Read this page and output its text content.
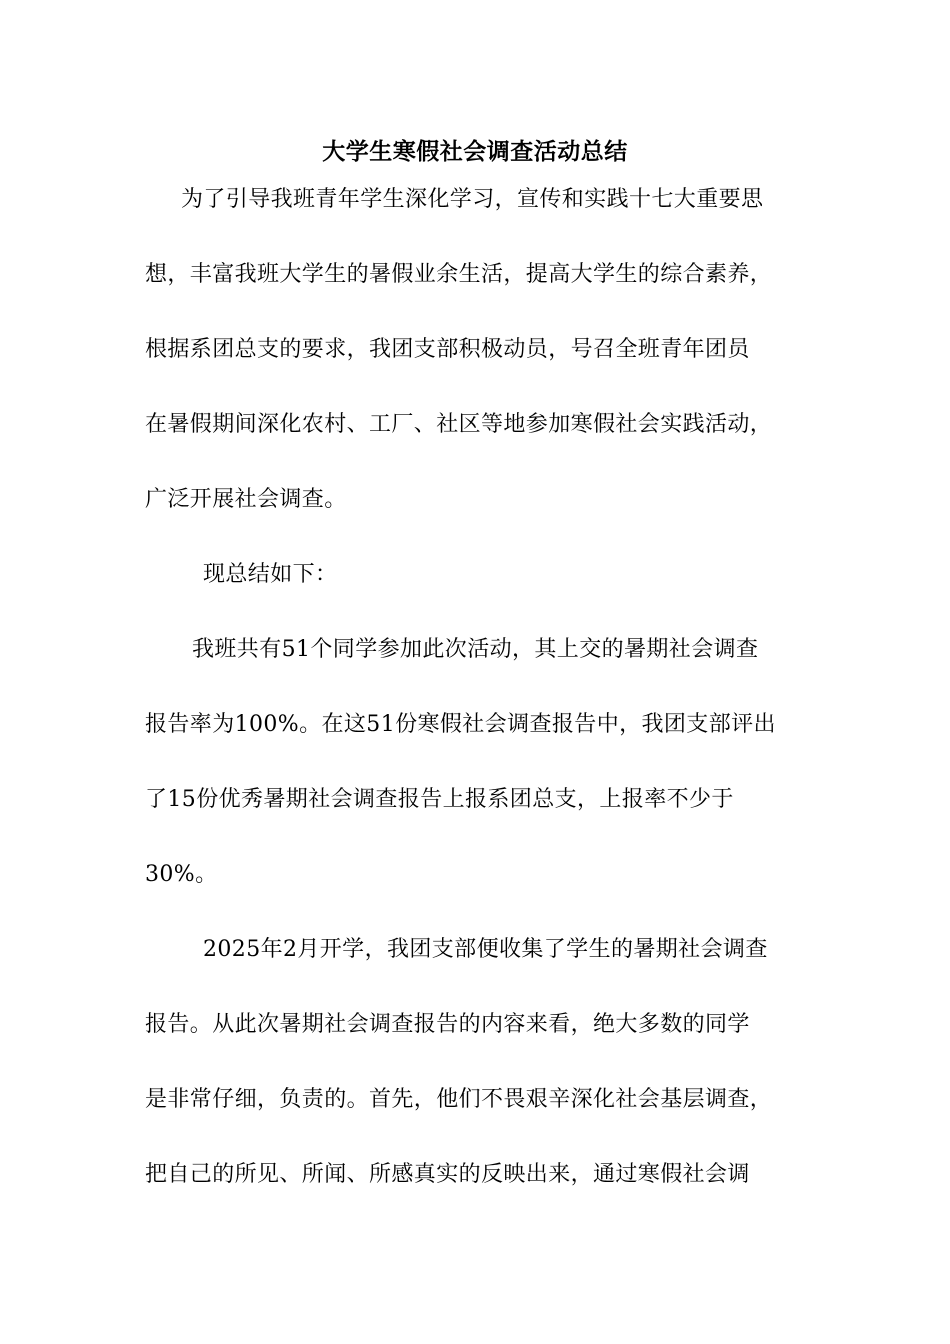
大学生寒假社会调查活动总结
为了引导我班青年学生深化学习，宣传和实践十七大重要思
想，丰富我班大学生的暑假业余生活，提高大学生的综合素养，
根据系团总支的要求，我团支部积极动员，号召全班青年团员
在暑假期间深化农村、工厂、社区等地参加寒假社会实践活动，
广泛开展社会调查。
现总结如下：
我班共有51个同学参加此次活动，其上交的暑期社会调查
报告率为100%。在这51份寒假社会调查报告中，我团支部评出
了15份优秀暑期社会调查报告上报系团总支，上报率不少于
30%。
2025年2月开学，我团支部便收集了学生的暑期社会调查
报告。从此次暑期社会调查报告的内容来看，绝大多数的同学
是非常仔细，负责的。首先，他们不畏艰辛深化社会基层调查，
把自己的所见、所闻、所感真实的反映出来，通过寒假社会调
